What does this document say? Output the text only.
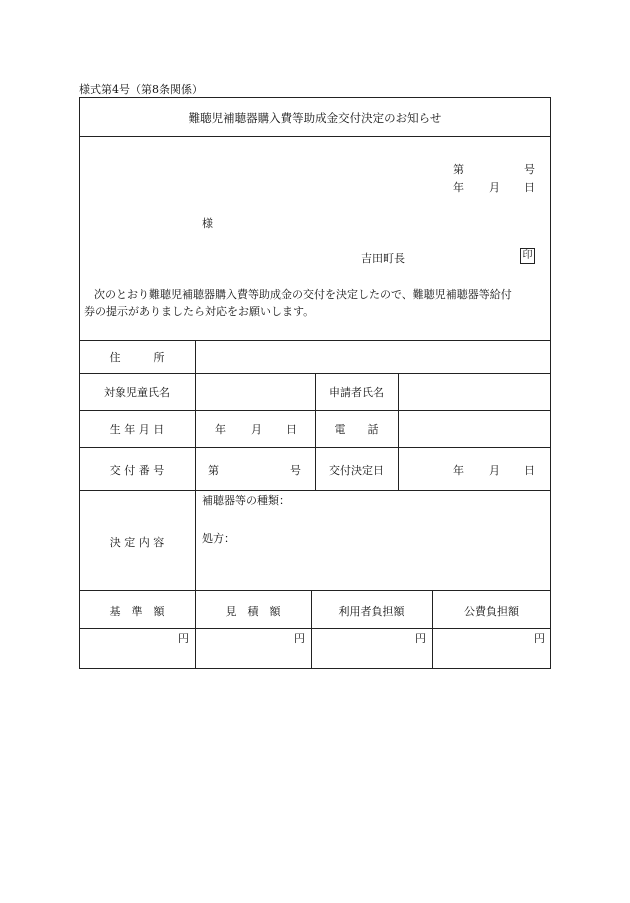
様式第4号（第8条関係）
難聴児補聴器購入費等助成金交付決定のお知らせ
第	号
年 月 日
様
吉田町長	印
次のとおり難聴児補聴器購入費等助成金の交付を決定したので、難聴児補聴器等給付
券の提示がありましたら対応をお願いします。
住　　　所
対象児童氏名	申請者氏名
生 年 月 日	年 月 日	電　　話
交 付 番 号	第	号	交付決定日	年 月 日
決 定 内 容
補聴器等の種類：
処方：
基　準　額	見　積　額	利用者負担額	公費負担額
円	円	円	円
